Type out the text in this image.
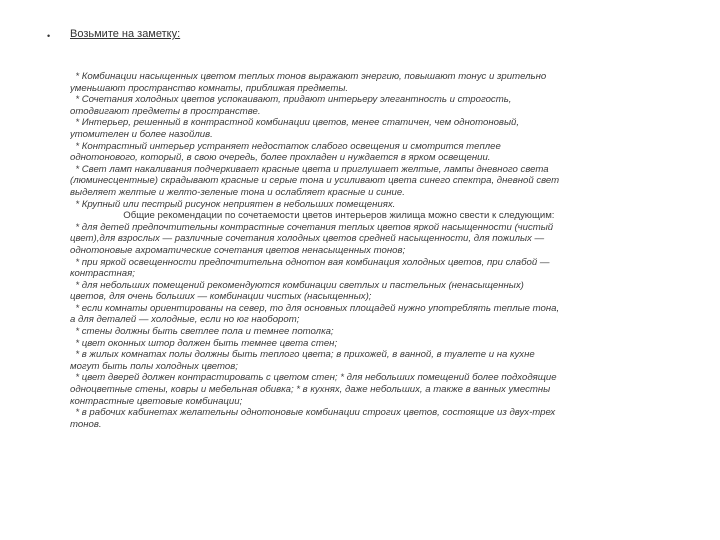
• Возьмите на заметку:
* Комбинации насыщенных цветом теплых тонов выражают энергию, повышают тонус и зрительно
уменьшают пространство комнаты, приближая предметы.
* Сочетания холодных цветов успокаивают, придают интерьеру элегантность и строгость,
отодвигают предметы в пространстве.
* Интерьер, решенный в контрастной комбинации цветов, менее статичен, чем однотоновый,
утомителен и более назойлив.
* Контрастный интерьер устраняет недостаток слабого освещения и смотрится теплее
однотонового, который, в свою очередь, более прохладен и нуждается в ярком освещении.
* Свет ламп накаливания подчеркивает красные цвета и приглушает желтые, лампы дневного света
(люминесцентные) скрадывают красные и серые тона и усиливают цвета синего спектра, дневной свет
выделяет желтые и желто-зеленые тона и ослабляет красные и синие.
* Крупный или пестрый рисунок неприятен в небольших помещениях.
Общие рекомендации по сочетаемости цветов интерьеров жилища можно свести к следующим:
* для детей предпочтительны контрастные сочетания теплых цветов яркой насыщенности (чистый
цвет),для взрослых — различные сочетания холодных цветов средней насыщенности, для пожилых —
однотоновые ахроматические сочетания цветов ненасыщенных тонов;
* при яркой освещенности предпочтительна однотон вая комбинация холодных цветов, при слабой —
контрастная;
* для небольших помещений рекомендуются комбинации светлых и пастельных (ненасыщенных)
цветов, для очень больших — комбинации чистых (насыщенных);
* если комнаты ориентированы на север, то для основных площадей нужно употреблять теплые тона,
а для деталей — холодные, если но юг наоборот;
* стены должны быть светлее пола и темнее потолка;
* цвет оконных штор должен быть темнее цвета стен;
* в жилых комнатах полы должны быть теплого цвета; в прихожей, в ванной, в туалете и на кухне
могут быть полы холодных цветов;
* цвет дверей должен контрастировать с цветом стен; * для небольших помещений более подходящие
одноцветные стены, ковры и мебельная обивка; * в кухнях, даже небольших, а также в ванных уместны
контрастные цветовые комбинации;
* в рабочих кабинетах желательны однотоновые комбинации строгих цветов, состоящие из двух-трех
тонов.
